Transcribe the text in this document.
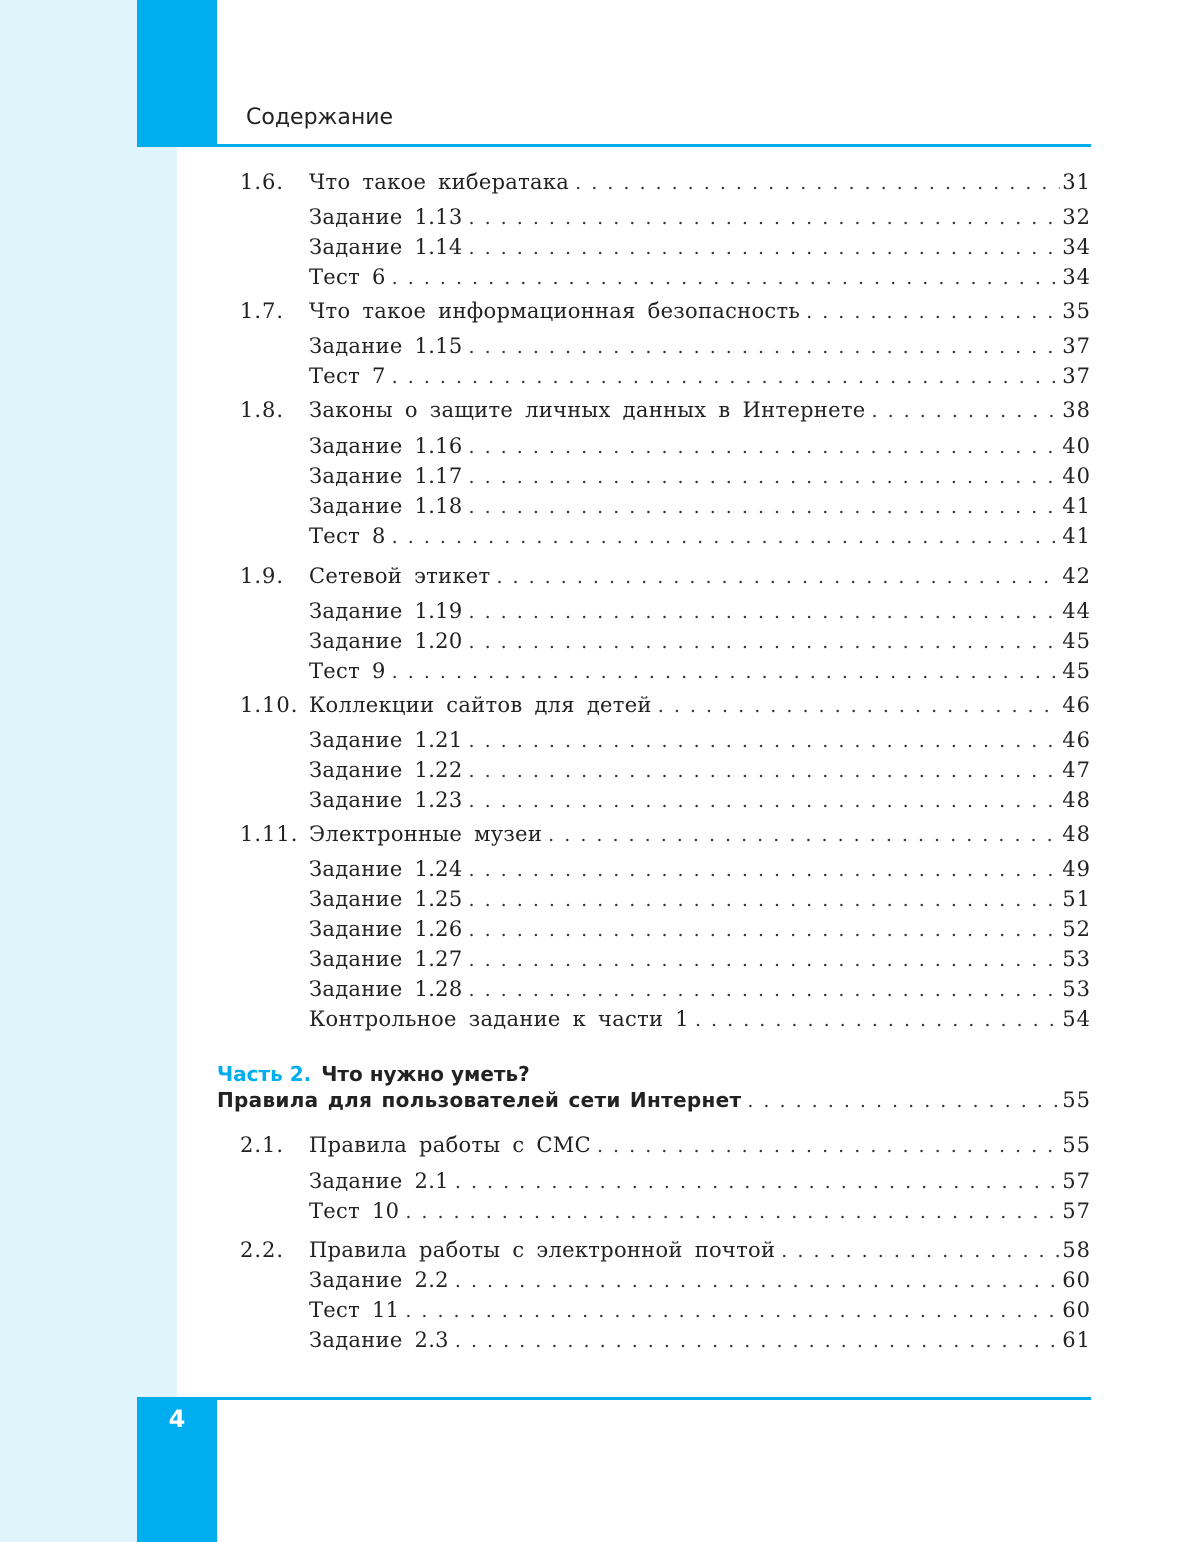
Содержание
4
1.6.	Что такое кибератака . . .	31
Задание 1.13 . . .	32
Задание 1.14 . . .	34
Тест 6 . . .	34
1.7.	Что такое информационная безопасность . . .	35
Задание 1.15 . . .	37
Тест 7 . . .	37
1.8.	Законы о защите личных данных в Интернете . . .	38
Задание 1.16 . . .	40
Задание 1.17 . . .	40
Задание 1.18 . . .	41
Тест 8 . . .	41
1.9.	Сетевой этикет . . .	42
Задание 1.19 . . .	44
Задание 1.20 . . .	45
Тест 9 . . .	45
1.10. Коллекции сайтов для детей . . .	46
Задание 1.21 . . .	46
Задание 1.22 . . .	47
Задание 1.23 . . .	48
1.11. Электронные музеи . . .	48
Задание 1.24 . . .	49
Задание 1.25 . . .	51
Задание 1.26 . . .	52
Задание 1.27 . . .	53
Задание 1.28 . . .	53
Контрольное задание к части 1 . . .	54
Часть 2. Что нужно уметь?
Правила для пользователей сети Интернет . . .	55
2.1.	Правила работы с СМС . . .	55
Задание 2.1 . . .	57
Тест 10 . . .	57
2.2.	Правила работы с электронной почтой . . .	58
Задание 2.2 . . .	60
Тест 11 . . .	60
Задание 2.3 . . .	61
